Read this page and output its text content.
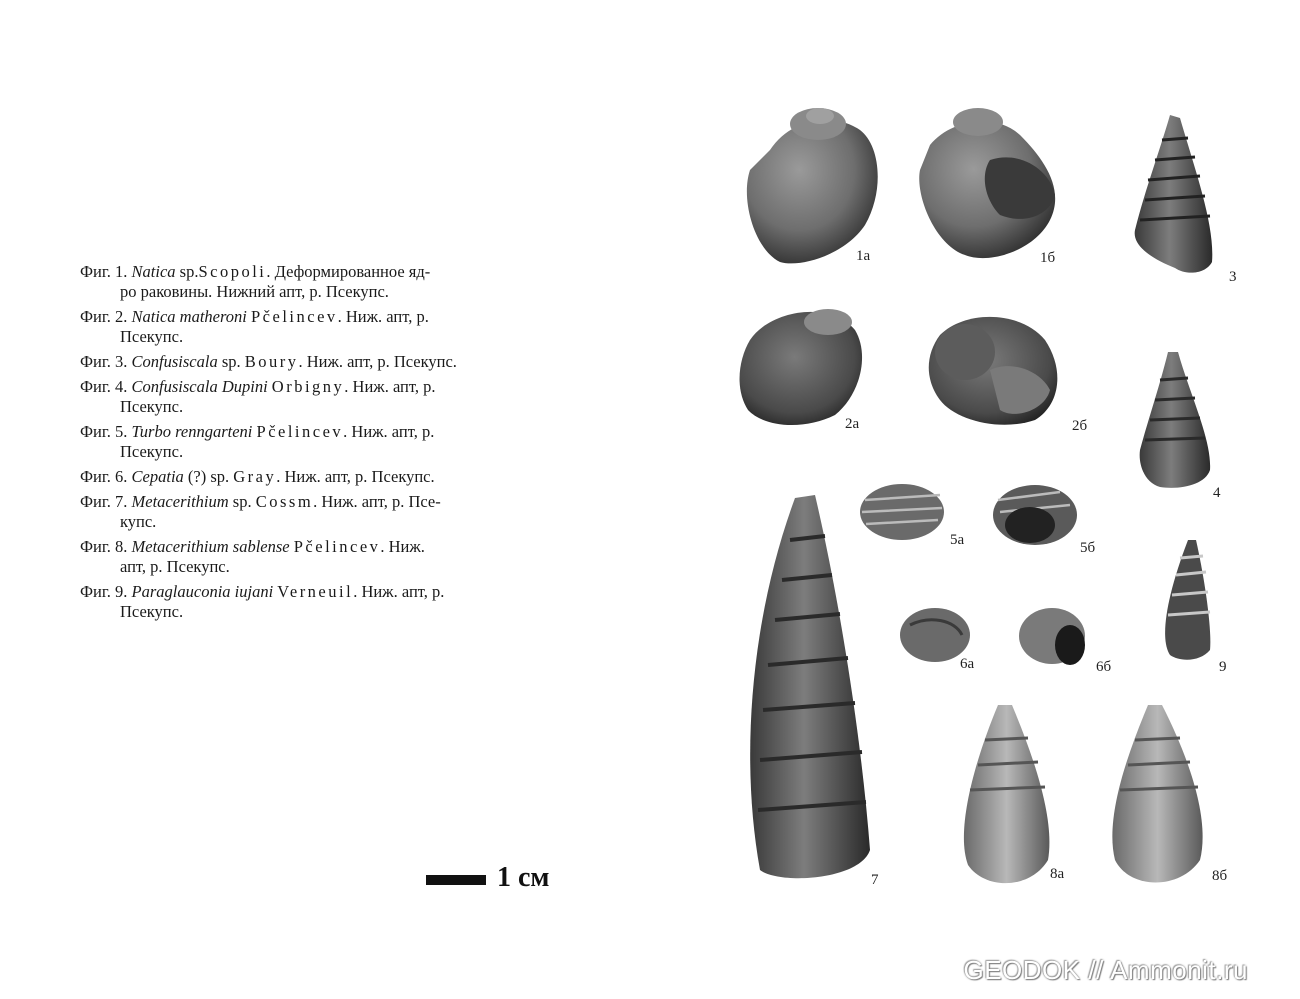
Фиг. 1. Natica sp.Scopoli. Деформированное яд-
ро раковины. Нижний апт, р. Псекупс.

Фиг. 2. Natica matheroni Pčelincev. Ниж. апт, р.
Псекупс.

Фиг. 3. Confusiscala sp. Boury. Ниж. апт, р. Псекупс.

Фиг. 4. Confusiscala Dupini Orbigny. Ниж. апт, р.
Псекупс.

Фиг. 5. Turbo renngarteni Pčelincev. Ниж. апт, р.
Псекупс.

Фиг. 6. Cepatia (?) sp. Gray. Ниж. апт, р. Псекупс.

Фиг. 7. Metacerithium sp. Cossm. Ниж. апт, р. Псе-
купс.

Фиг. 8. Metacerithium sablense Pčelincev. Ниж.
апт, р. Псекупс.

Фиг. 9. Paraglauconia iujani Verneuil. Ниж. апт, р.
Псекупс.

1а	1б
3
2а	2б
4
5а	5б
9
6а	6б
7	8а	8б
1 см
GEODOK // Ammonit.ru
